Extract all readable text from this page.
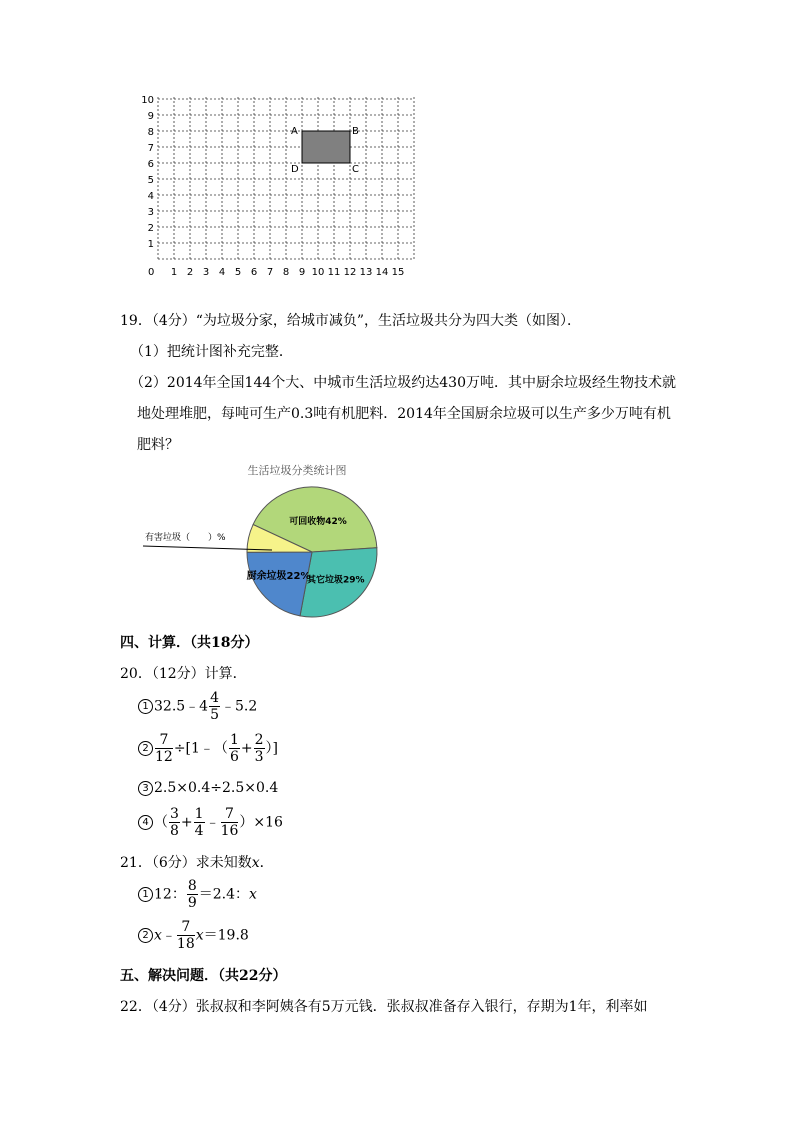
A	B
C
D
0 1 2 3 4 5 6 7 8 9 10 11 12 13 14 15
1
2
3
4
5
6
7
8
9
10
19．（4分）“为垃圾分家，给城市减负”，生活垃圾共分为四大类（如图）．
（1）把统计图补充完整．
（2）2014年全国144个大、中城市生活垃圾约达430万吨．其中厨余垃圾经生物技术就
地处理堆肥，每吨可生产0.3吨有机肥料．2014年全国厨余垃圾可以生产多少万吨有机
肥料？
生活垃圾分类统计图
有害垃圾（　　）%
可回收物42%
其它垃圾29%
厨余垃圾22%
四、计算．（共18分）
20．（12分）计算．
1 32.5﹣4 $\frac{4}{5}$ ﹣5.2
$2 \frac{7}{12}$ ÷[1﹣（ $\frac{1}{6} + \frac{2}{3}$ ）]
3 2.5×0.4÷2.5×0.4
4 （ $\frac{3}{8} + \frac{1}{4}$ ﹣ $\frac{7}{16} )\times 16$
21．（6分）求未知数x．
1 12： $\frac{8}{9} =2.4$：x
2 x﹣ $\frac{7}{18} x=19.8$
五、解决问题．（共22分）
22．（4分）张叔叔和李阿姨各有5万元钱．张叔叔准备存入银行，存期为1年，利率如
